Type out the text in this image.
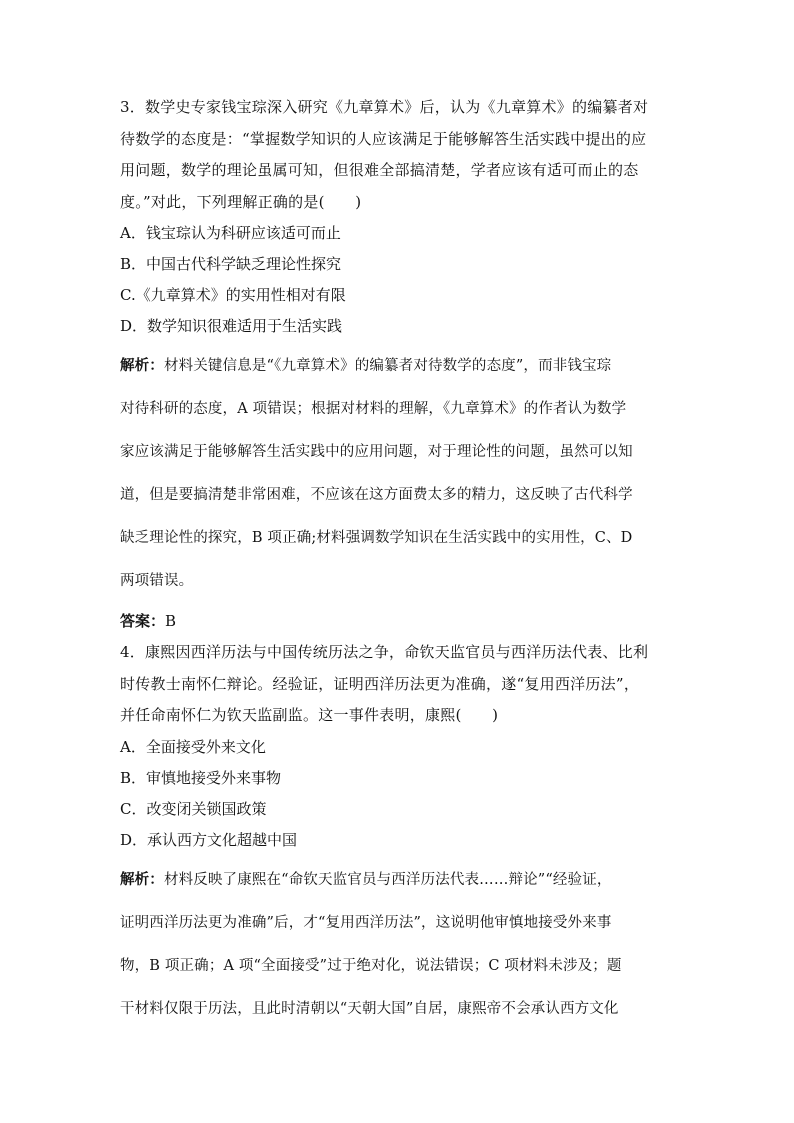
3．数学史专家钱宝琮深入研究《九章算术》后，认为《九章算术》的编纂者对
待数学的态度是：“掌握数学知识的人应该满足于能够解答生活实践中提出的应
用问题，数学的理论虽属可知，但很难全部搞清楚，学者应该有适可而止的态
度。”对此，下列理解正确的是(　　)
A．钱宝琮认为科研应该适可而止
B．中国古代科学缺乏理论性探究
C.《九章算术》的实用性相对有限
D．数学知识很难适用于生活实践
解析：材料关键信息是“《九章算术》的编纂者对待数学的态度”，而非钱宝琮
对待科研的态度，A 项错误；根据对材料的理解，《九章算术》的作者认为数学
家应该满足于能够解答生活实践中的应用问题，对于理论性的问题，虽然可以知
道，但是要搞清楚非常困难，不应该在这方面费太多的精力，这反映了古代科学
缺乏理论性的探究，B 项正确;材料强调数学知识在生活实践中的实用性，C、D
两项错误。
答案：B
4．康熙因西洋历法与中国传统历法之争，命钦天监官员与西洋历法代表、比利
时传教士南怀仁辩论。经验证，证明西洋历法更为准确，遂“复用西洋历法”，
并任命南怀仁为钦天监副监。这一事件表明，康熙(　　)
A．全面接受外来文化
B．审慎地接受外来事物
C．改变闭关锁国政策
D．承认西方文化超越中国
解析：材料反映了康熙在“命钦天监官员与西洋历法代表……辩论”“经验证，
证明西洋历法更为准确”后，才“复用西洋历法”，这说明他审慎地接受外来事
物，B 项正确；A 项“全面接受”过于绝对化，说法错误；C 项材料未涉及；题
干材料仅限于历法，且此时清朝以“天朝大国”自居，康熙帝不会承认西方文化
